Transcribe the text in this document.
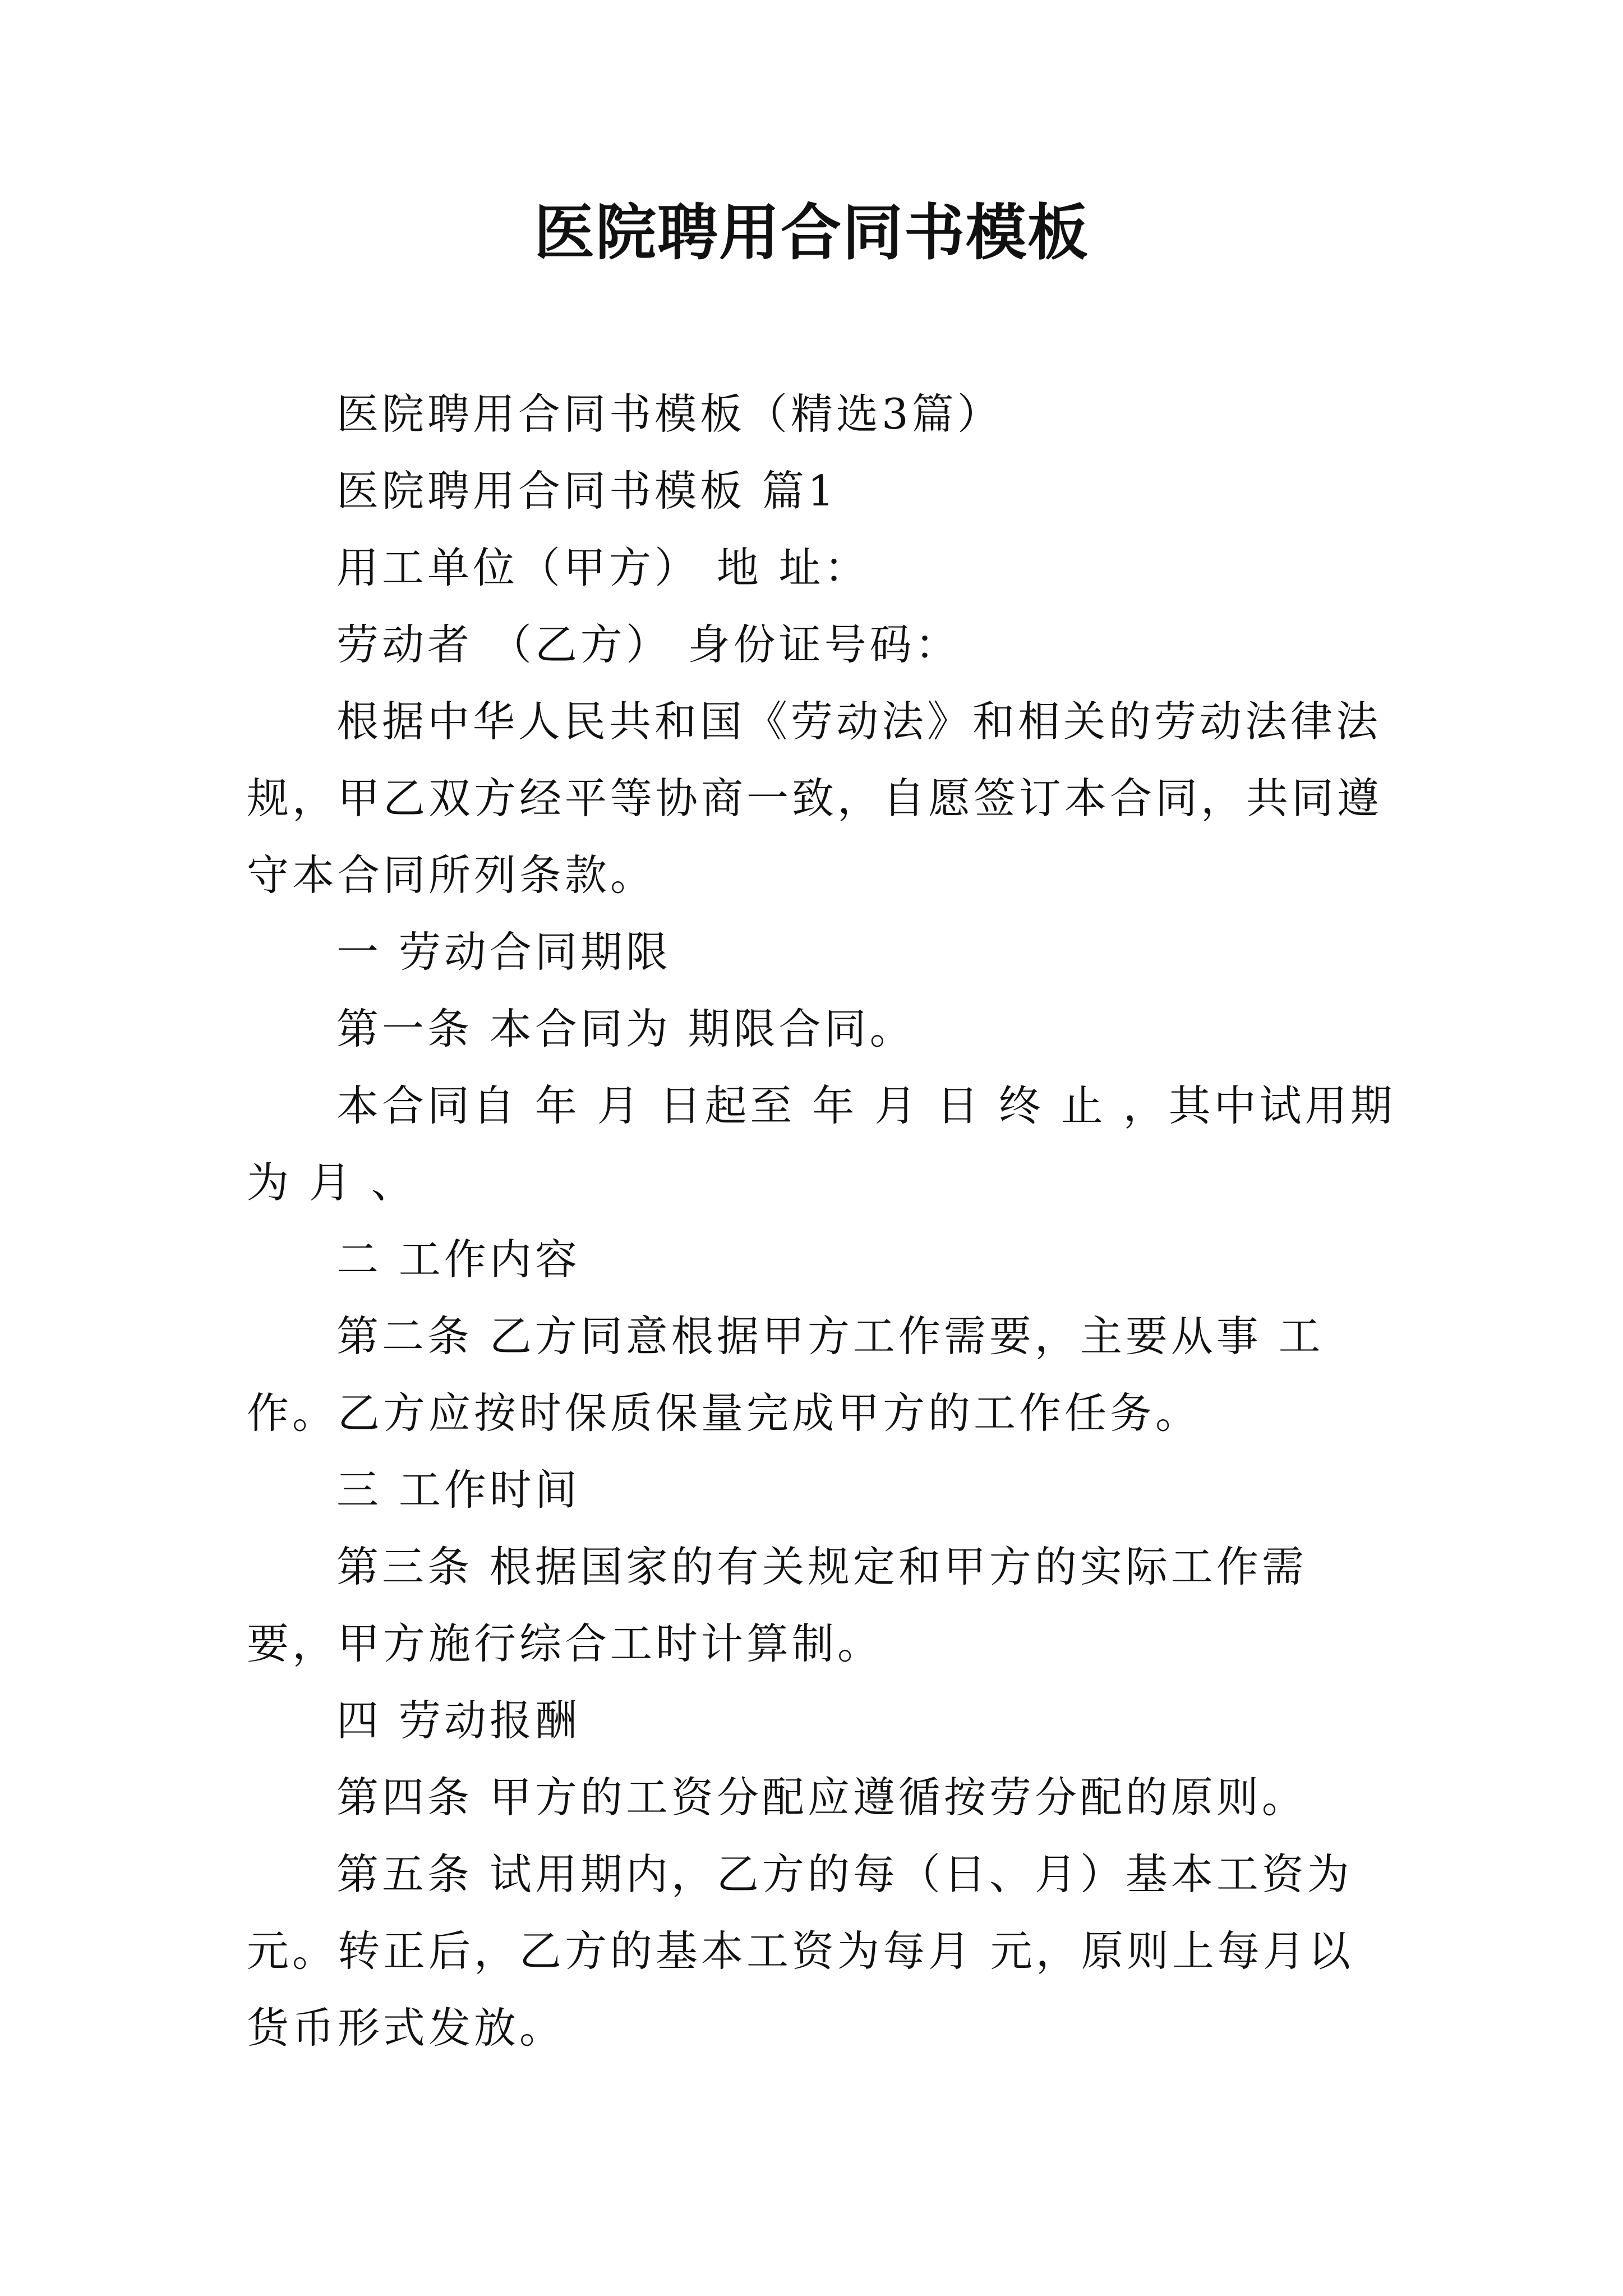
医院聘用合同书模板

医院聘用合同书模板（精选3篇）

医院聘用合同书模板 篇1

用工单位（甲方） 地 址：

劳动者 （乙方） 身份证号码：

根据中华人民共和国《劳动法》和相关的劳动法律法规，甲乙双方经平等协商一致，自愿签订本合同，共同遵守本合同所列条款。

一 劳动合同期限

第一条 本合同为 期限合同。

本合同自 年 月 日起至 年 月 日 终 止 ，其中试用期为 月 、

二 工作内容

第二条 乙方同意根据甲方工作需要，主要从事 工作。乙方应按时保质保量完成甲方的工作任务。

三 工作时间

第三条 根据国家的有关规定和甲方的实际工作需要，甲方施行综合工时计算制。

四 劳动报酬

第四条 甲方的工资分配应遵循按劳分配的原则。

第五条 试用期内，乙方的每（日、月）基本工资为 元。转正后，乙方的基本工资为每月 元，原则上每月以货币形式发放。
